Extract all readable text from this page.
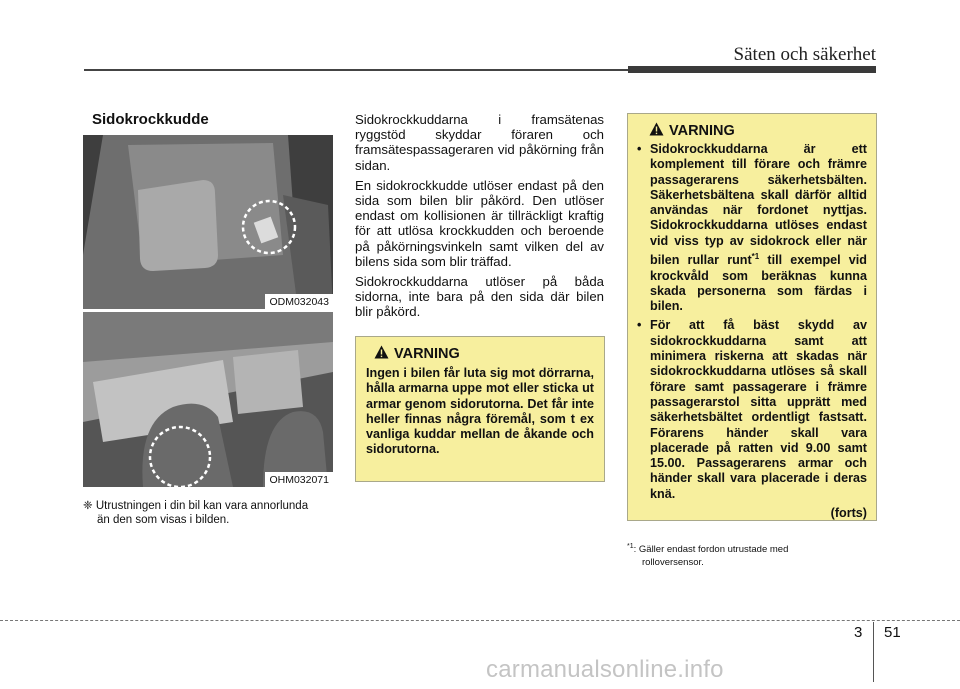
Säten och säkerhet
Sidokrockkudde
ODM032043
OHM032071
❈ Utrustningen i din bil kan vara annorlunda
än den som visas i bilden.

Sidokrockkuddarna i framsätenas ryggstöd skyddar föraren och framsätespassageraren vid påkörning från sidan.

En sidokrockkudde utlöser endast på den sida som bilen blir påkörd. Den utlöser endast om kollisionen är tillräckligt kraftig för att utlösa krockkudden och beroende på påkörningsvinkeln samt vilken del av bilens sida som blir träffad.

Sidokrockkuddarna utlöser på båda sidorna, inte bara på den sida där bilen blir påkörd.

VARNING
Ingen i bilen får luta sig mot dörrarna, hålla armarna uppe mot eller sticka ut armar genom sidorutorna. Det får inte heller finnas några föremål, som t ex vanliga kuddar mellan de åkande och sidorutorna.
VARNING
• Sidokrockkuddarna är ett komplement till förare och främre passagerarens säkerhetsbälten. Säkerhetsbältena skall därför alltid användas när fordonet nyttjas. Sidokrockkuddarna utlöses endast vid viss typ av sidokrock eller när bilen rullar runt$^{*1}$ till exempel vid krockvåld som beräknas kunna skada personerna som färdas i bilen.
• För att få bäst skydd av sidokrockkuddarna samt att minimera riskerna att skadas när sidokrockkuddarna utlöses så skall förare samt passagerare i främre passagerarstol sitta upprätt med säkerhetsbältet ordentligt fastsatt. Förarens händer skall vara placerade på ratten vid 9.00 samt 15.00. Passagerarens armar och händer skall vara placerade i deras knä.
(forts)
$^{*1}$: Gäller endast fordon utrustade med
rolloversensor.
3 51
carmanualsonline.info
